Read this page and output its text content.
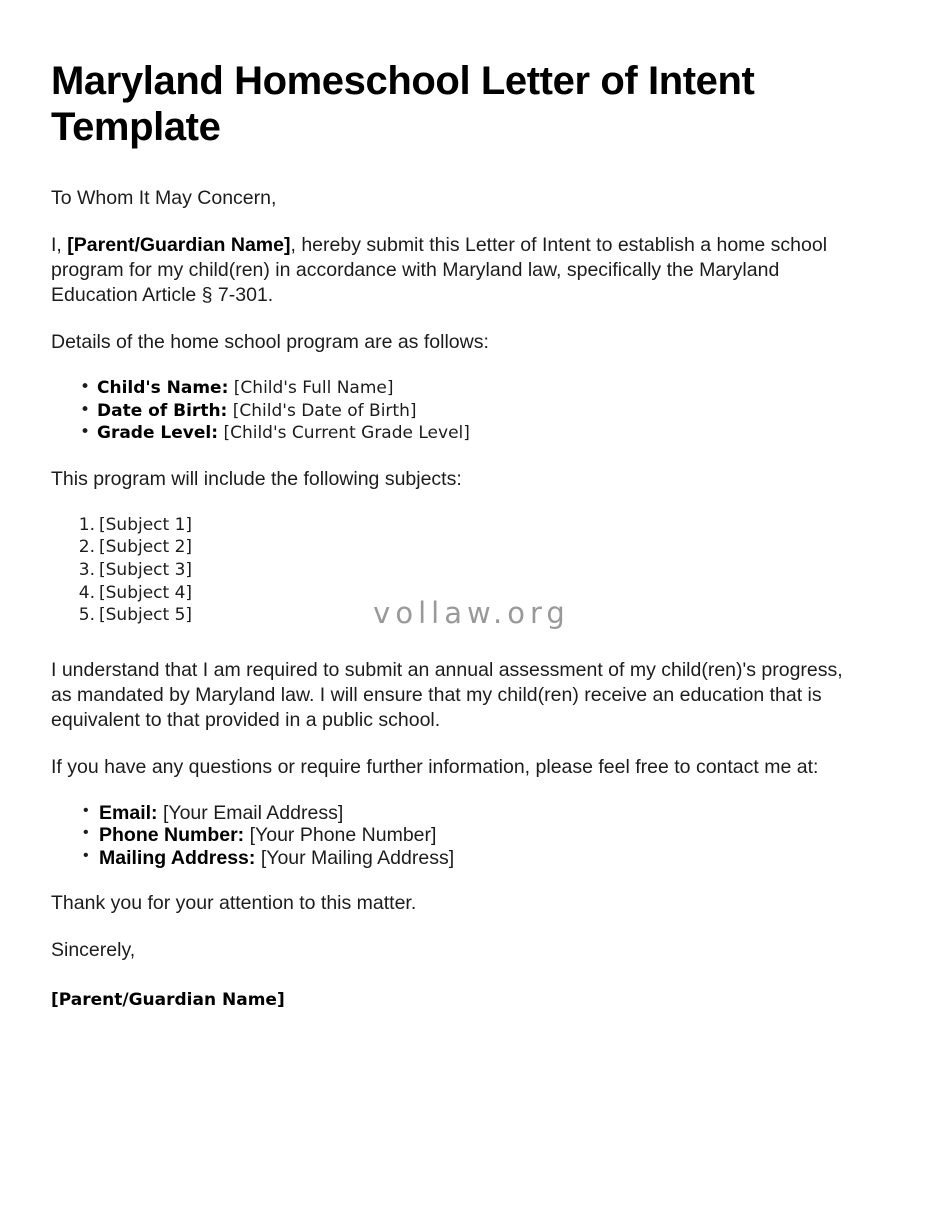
vollaw.org
Maryland Homeschool Letter of Intent Template

To Whom It May Concern,

I, [Parent/Guardian Name], hereby submit this Letter of Intent to establish a home school program for my child(ren) in accordance with Maryland law, specifically the Maryland Education Article § 7-301.

Details of the home school program are as follows:

• Child's Name: [Child's Full Name]
• Date of Birth: [Child's Date of Birth]
• Grade Level: [Child's Current Grade Level]

This program will include the following subjects:

[Subject 1]
[Subject 2]
[Subject 3]
[Subject 4]
[Subject 5]

I understand that I am required to submit an annual assessment of my child(ren)'s progress, as mandated by Maryland law. I will ensure that my child(ren) receive an education that is equivalent to that provided in a public school.

If you have any questions or require further information, please feel free to contact me at:

• Email: [Your Email Address]
• Phone Number: [Your Phone Number]
• Mailing Address: [Your Mailing Address]

Thank you for your attention to this matter.

Sincerely,

[Parent/Guardian Name]
